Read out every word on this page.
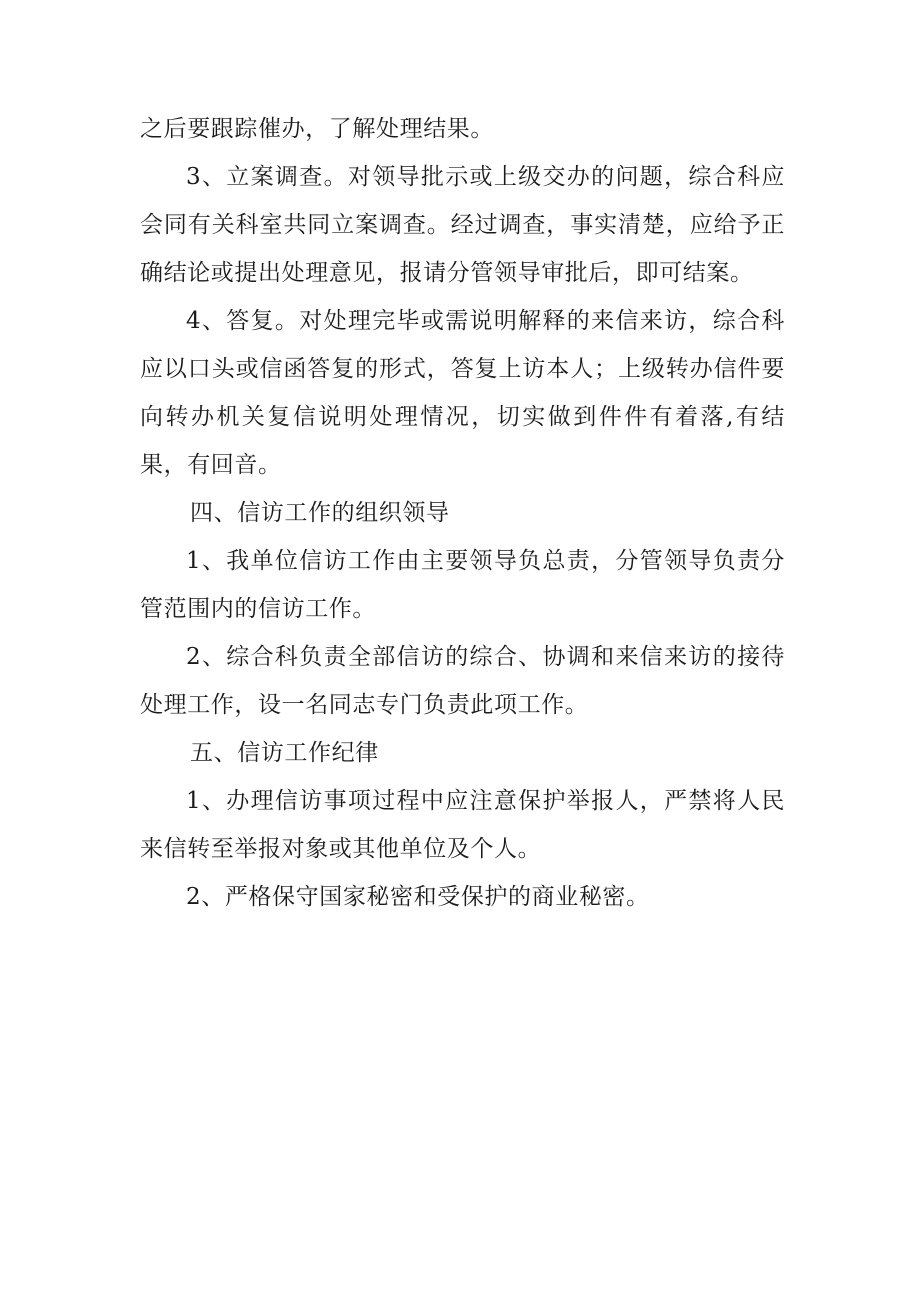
之后要跟踪催办，了解处理结果。

3、立案调查。对领导批示或上级交办的问题，综合科应会同有关科室共同立案调查。经过调查，事实清楚，应给予正确结论或提出处理意见，报请分管领导审批后，即可结案。

4、答复。对处理完毕或需说明解释的来信来访，综合科应以口头或信函答复的形式，答复上访本人；上级转办信件要向转办机关复信说明处理情况，切实做到件件有着落,有结果，有回音。

四、信访工作的组织领导

1、我单位信访工作由主要领导负总责，分管领导负责分管范围内的信访工作。

2、综合科负责全部信访的综合、协调和来信来访的接待处理工作，设一名同志专门负责此项工作。

五、信访工作纪律

1、办理信访事项过程中应注意保护举报人，严禁将人民来信转至举报对象或其他单位及个人。

2、严格保守国家秘密和受保护的商业秘密。
